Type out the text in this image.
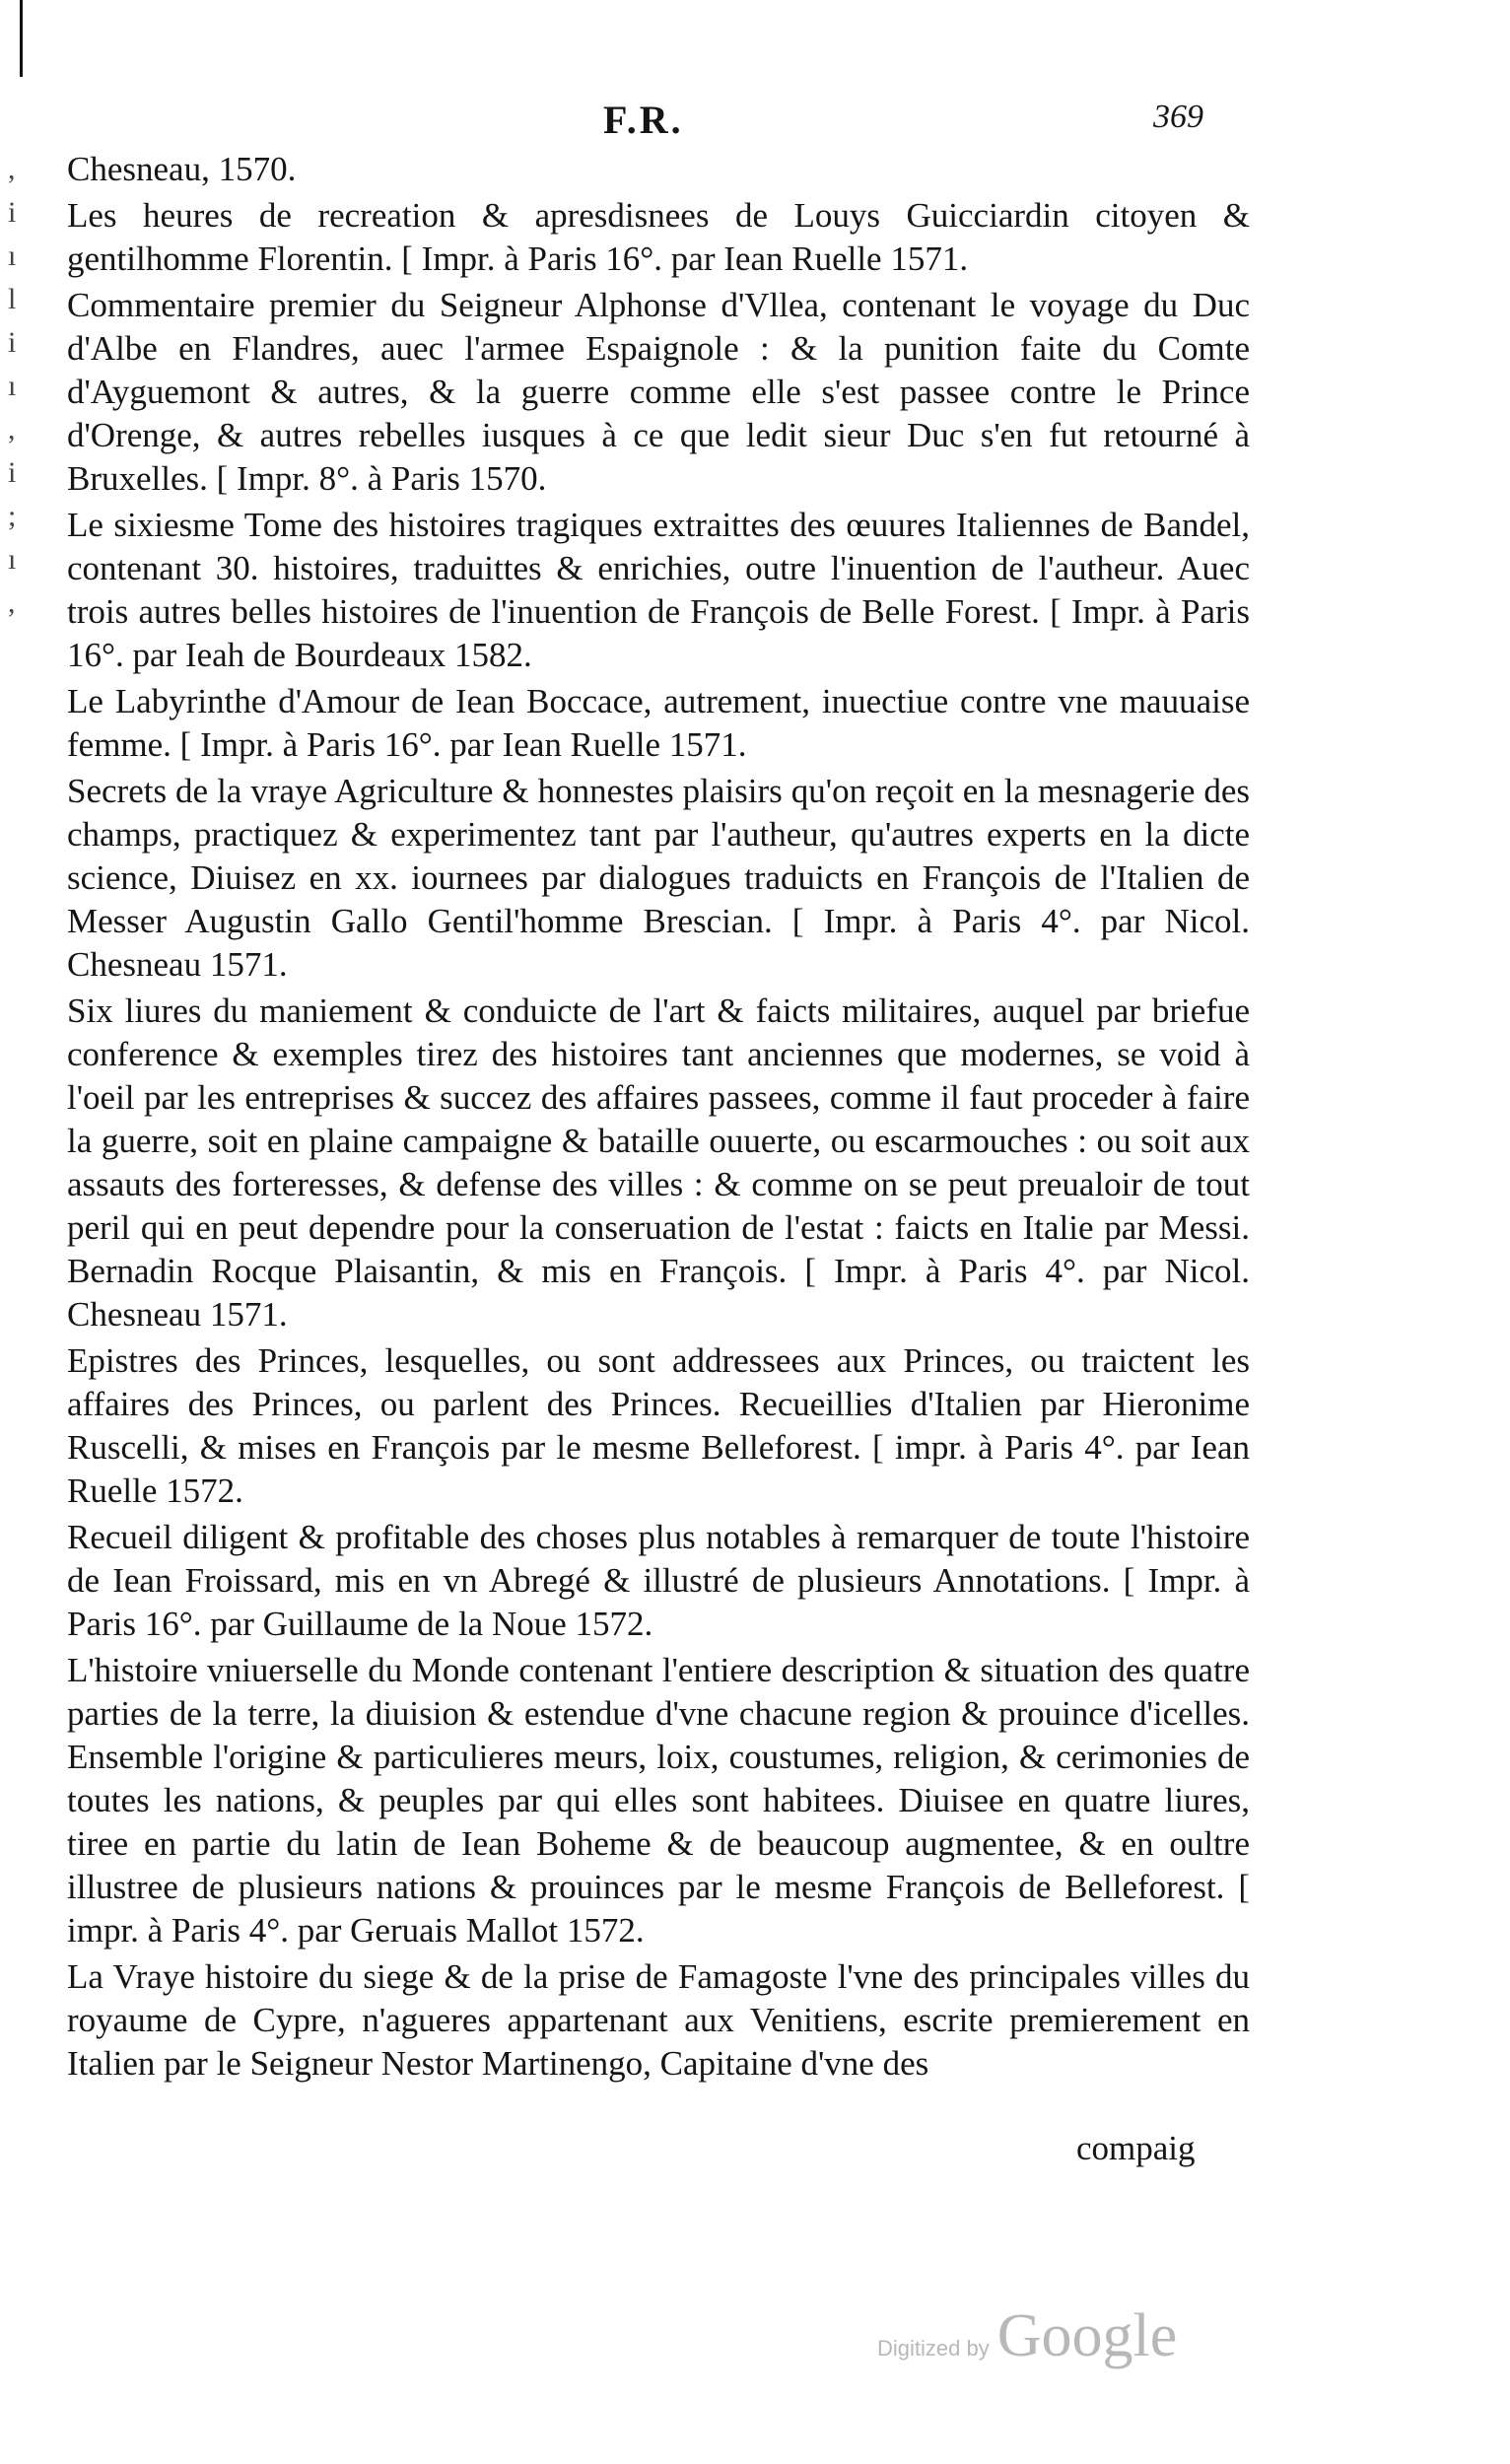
,
i
ı
l
i
ı
,
i
;
ı
,
F.R.	369

Chesneau, 1570.

Les heures de recreation & apresdisnees de Louys Guicciardin citoyen & gentilhomme Florentin. [ Impr. à Paris 16°. par Iean Ruelle 1571.

Commentaire premier du Seigneur Alphonse d'Vllea, contenant le voyage du Duc d'Albe en Flandres, auec l'armee Espaignole : & la punition faite du Comte d'Ayguemont & autres, & la guerre comme elle s'est passee contre le Prince d'Orenge, & autres rebelles iusques à ce que ledit sieur Duc s'en fut retourné à Bruxelles. [ Impr. 8°. à Paris 1570.

Le sixiesme Tome des histoires tragiques extraittes des œuures Italiennes de Bandel, contenant 30. histoires, traduittes & enrichies, outre l'inuention de l'autheur. Auec trois autres belles histoires de l'inuention de François de Belle Forest. [ Impr. à Paris 16°. par Ieah de Bourdeaux 1582.

Le Labyrinthe d'Amour de Iean Boccace, autrement, inuectiue contre vne mauuaise femme. [ Impr. à Paris 16°. par Iean Ruelle 1571.

Secrets de la vraye Agriculture & honnestes plaisirs qu'on reçoit en la mesnagerie des champs, practiquez & experimentez tant par l'autheur, qu'autres experts en la dicte science, Diuisez en xx. iournees par dialogues traduicts en François de l'Italien de Messer Augustin Gallo Gentil'homme Brescian. [ Impr. à Paris 4°. par Nicol. Chesneau 1571.

Six liures du maniement & conduicte de l'art & faicts militaires, auquel par briefue conference & exemples tirez des histoires tant anciennes que modernes, se void à l'oeil par les entreprises & succez des affaires passees, comme il faut proceder à faire la guerre, soit en plaine campaigne & bataille ouuerte, ou escarmouches : ou soit aux assauts des forteresses, & defense des villes : & comme on se peut preualoir de tout peril qui en peut dependre pour la conseruation de l'estat : faicts en Italie par Messi. Bernadin Rocque Plaisantin, & mis en François. [ Impr. à Paris 4°. par Nicol. Chesneau 1571.

Epistres des Princes, lesquelles, ou sont addressees aux Princes, ou traictent les affaires des Princes, ou parlent des Princes. Recueillies d'Italien par Hieronime Ruscelli, & mises en François par le mesme Belleforest. [ impr. à Paris 4°. par Iean Ruelle 1572.

Recueil diligent & profitable des choses plus notables à remarquer de toute l'histoire de Iean Froissard, mis en vn Abregé & illustré de plusieurs Annotations. [ Impr. à Paris 16°. par Guillaume de la Noue 1572.

L'histoire vniuerselle du Monde contenant l'entiere description & situation des quatre parties de la terre, la diuision & estendue d'vne chacune region & prouince d'icelles. Ensemble l'origine & particulieres meurs, loix, coustumes, religion, & cerimonies de toutes les nations, & peuples par qui elles sont habitees. Diuisee en quatre liures, tiree en partie du latin de Iean Boheme & de beaucoup augmentee, & en oultre illustree de plusieurs nations & prouinces par le mesme François de Belleforest. [ impr. à Paris 4°. par Geruais Mallot 1572.

La Vraye histoire du siege & de la prise de Famagoste l'vne des principales villes du royaume de Cypre, n'agueres appartenant aux Venitiens, escrite premierement en Italien par le Seigneur Nestor Martinengo, Capitaine d'vne des

compaig
Digitized by Google
